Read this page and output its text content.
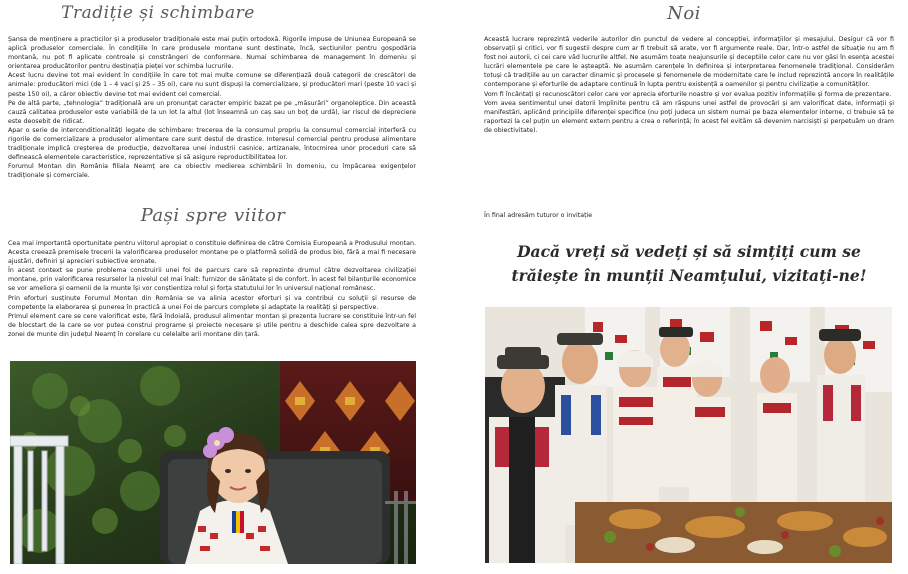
Tradiție și schimbare

Șansa de menținere a practicilor și a produselor tradiționale este mai puțin ortodoxă. Rigorile impuse de Uniunea Europeană se aplică produselor comerciale. În condițiile în care produsele montane sunt destinate, încă, sectiunilor pentru gospodăria montană, nu pot fi aplicate controale și constrângeri de conformare. Numai schimbarea de management în domeniu și orientarea producătorilor pentru destinația pieței vor schimba lucrurile.

Acest lucru devine tot mai evident în condițiile în care tot mai multe comune se diferențiază două categorii de crescători de animale: producători mici (de 1 – 4 vaci și 25 – 35 oi), care nu sunt dispuși la comercializare, și producători mari (peste 10 vaci și peste 150 oi), a căror obiectiv devine tot mai evident cel comercial.

Pe de altă parte, „tehnologia” tradițională are un pronunțat caracter empiric bazat pe pe „măsurări” organoleptice. Din această cauză calitatea produselor este variabilă de la un lot la altul (lot înseamnă un caș sau un boț de urdă), iar riscul de depreciere este deosebit de ridicat.

Apar o serie de interconditionalități legate de schimbare: trecerea de la consumul propriu la consumul comercial interferă cu rigorile de comercializare a produselor alimentare care sunt destul de drastice. Interesul comercial pentru produse alimentare tradiționale implică creșterea de producție, dezvoltarea unei industrii casnice, artizanale, întocmirea unor proceduri care să definească elementele caracteristice, reprezentative și să asigure reproductibilitatea lor.

Forumul Montan din România filiala Neamț are ca obiectiv medierea schimbării în domeniu, cu împăcarea exigențelor tradiționale și comerciale.

Pași spre viitor

Cea mai importantă oportunitate pentru viitorul apropiat o constituie definirea de către Comisia Europeană a Produsului montan. Acesta creează premisele trecerii la valorificarea produselor montane pe o platformă solidă de produs bio, fără a mai fi necesare ajustări, definiri și aprecieri subiective eronate.

În acest context se pune problema construirii unei foi de parcurs care să reprezinte drumul către dezvoltarea civilizației montane, prin valorificarea resurselor la nivelul cel mai înalt: furnizor de sănătate și de confort. În acest fel bilanțurile economice se vor ameliora și oamenii de la munte își vor conștientiza rolul și forța statutului lor în universul național românesc.

Prin eforturi susținute Forumul Montan din România se va alinia acestor eforturi și va contribui cu soluții și resurse de competențe la elaborarea și punerea în practică a unei Foi de parcurs complete și adaptate la realități și perspective.

Primul element care se cere valorificat este, fără îndoială, produsul alimentar montan și prezenta lucrare se constituie într-un fel de blocstart de la care se vor putea construi programe și proiecte necesare și utile pentru a deschide calea spre dezvoltare a zonei de munte din județul Neamț în corelare cu celelalte arii montane din țară.

Noi

Această lucrare reprezintă vederile autorilor din punctul de vedere al concepției, informațiilor și mesajului. Desigur că vor fi observații și critici, vor fi sugestii despre cum ar fi trebuit să arate, vor fi argumente reale. Dar, într-o astfel de situație nu am fi fost noi autorii, ci cei care văd lucrurile altfel. Ne asumăm toate neajunsurile și deceptiile celor care nu vor găsi în esența acestei lucrări elementele pe care le așteaptă. Ne asumăm carențele în definirea și interpretarea fenomenele tradițional. Considerăm totuși că tradițiile au un caracter dinamic și procesele și fenomenele de modernitate care le includ reprezintă ancore în realitățile contemporane și eforturile de adaptare continuă în lupta pentru existență a oamenilor și pentru civilizație a comunităților.

Vom fi încântați și recunoscători celor care vor aprecia eforturile noastre și vor evalua pozitiv informațiile și forma de prezentare.

Vom avea sentimentul unei datorii împlinite pentru că am răspuns unei astfel de provocări și am valorificat date, informații și manifestări, aplicând principiile diferenței specifice (nu poți judeca un sistem numai pe baza elementelor interne, ci trebuie să te raportezi la cel puțin un element extern pentru a crea o referință; în acest fel evităm să devenim narcisiști și perpetuăm un dram de obiectivitate).

În final adresăm tuturor o invitație
Dacă vreți să vedeți și să simțiți cum se
trăiește în munții Neamțului, vizitați-ne!
